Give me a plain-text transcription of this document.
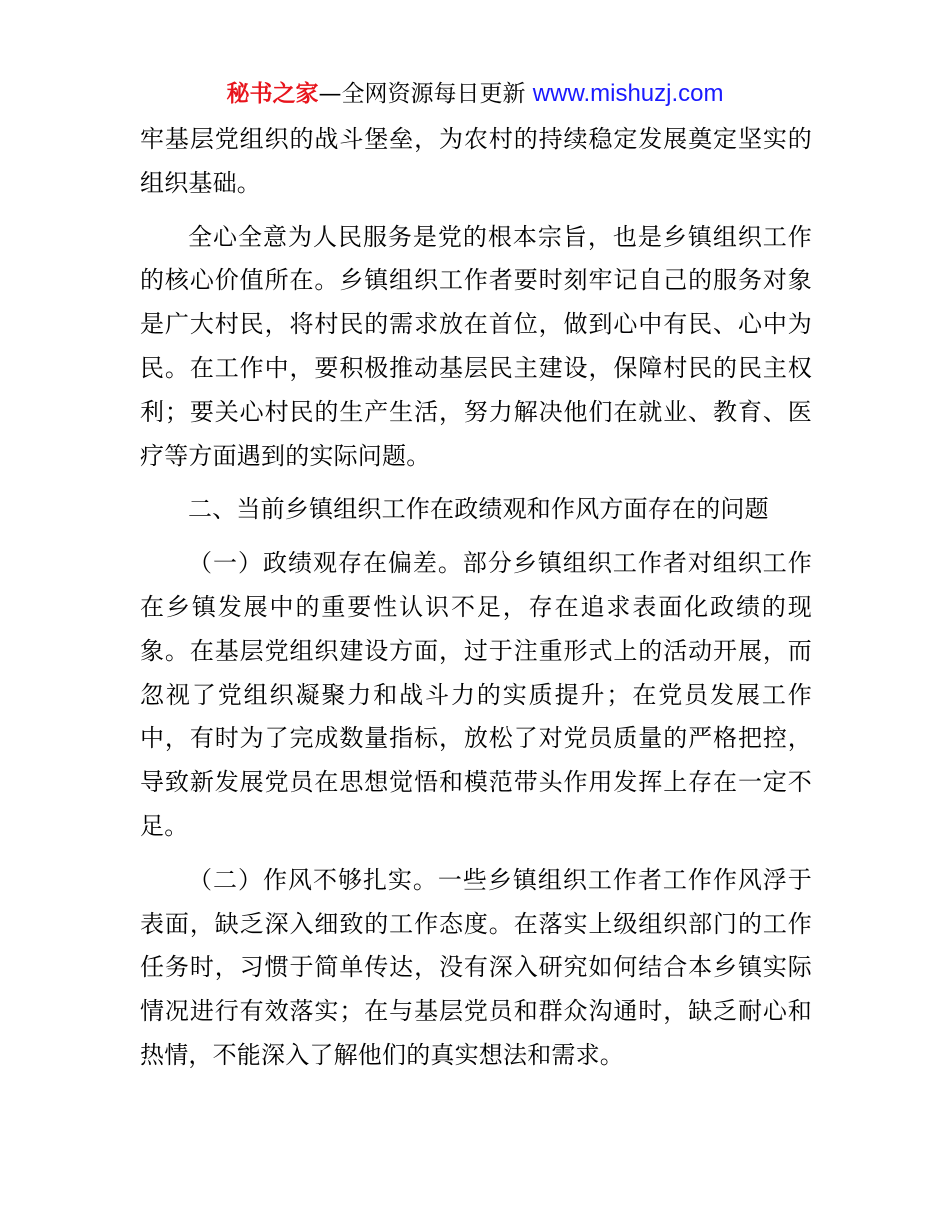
秘书之家—全网资源每日更新 www.mishuzj.com

牢基层党组织的战斗堡垒，为农村的持续稳定发展奠定坚实的组织基础。

全心全意为人民服务是党的根本宗旨，也是乡镇组织工作的核心价值所在。乡镇组织工作者要时刻牢记自己的服务对象是广大村民，将村民的需求放在首位，做到心中有民、心中为民。在工作中，要积极推动基层民主建设，保障村民的民主权利；要关心村民的生产生活，努力解决他们在就业、教育、医疗等方面遇到的实际问题。

二、当前乡镇组织工作在政绩观和作风方面存在的问题

（一）政绩观存在偏差。部分乡镇组织工作者对组织工作在乡镇发展中的重要性认识不足，存在追求表面化政绩的现象。在基层党组织建设方面，过于注重形式上的活动开展，而忽视了党组织凝聚力和战斗力的实质提升；在党员发展工作中，有时为了完成数量指标，放松了对党员质量的严格把控，导致新发展党员在思想觉悟和模范带头作用发挥上存在一定不足。

（二）作风不够扎实。一些乡镇组织工作者工作作风浮于表面，缺乏深入细致的工作态度。在落实上级组织部门的工作任务时，习惯于简单传达，没有深入研究如何结合本乡镇实际情况进行有效落实；在与基层党员和群众沟通时，缺乏耐心和热情，不能深入了解他们的真实想法和需求。
